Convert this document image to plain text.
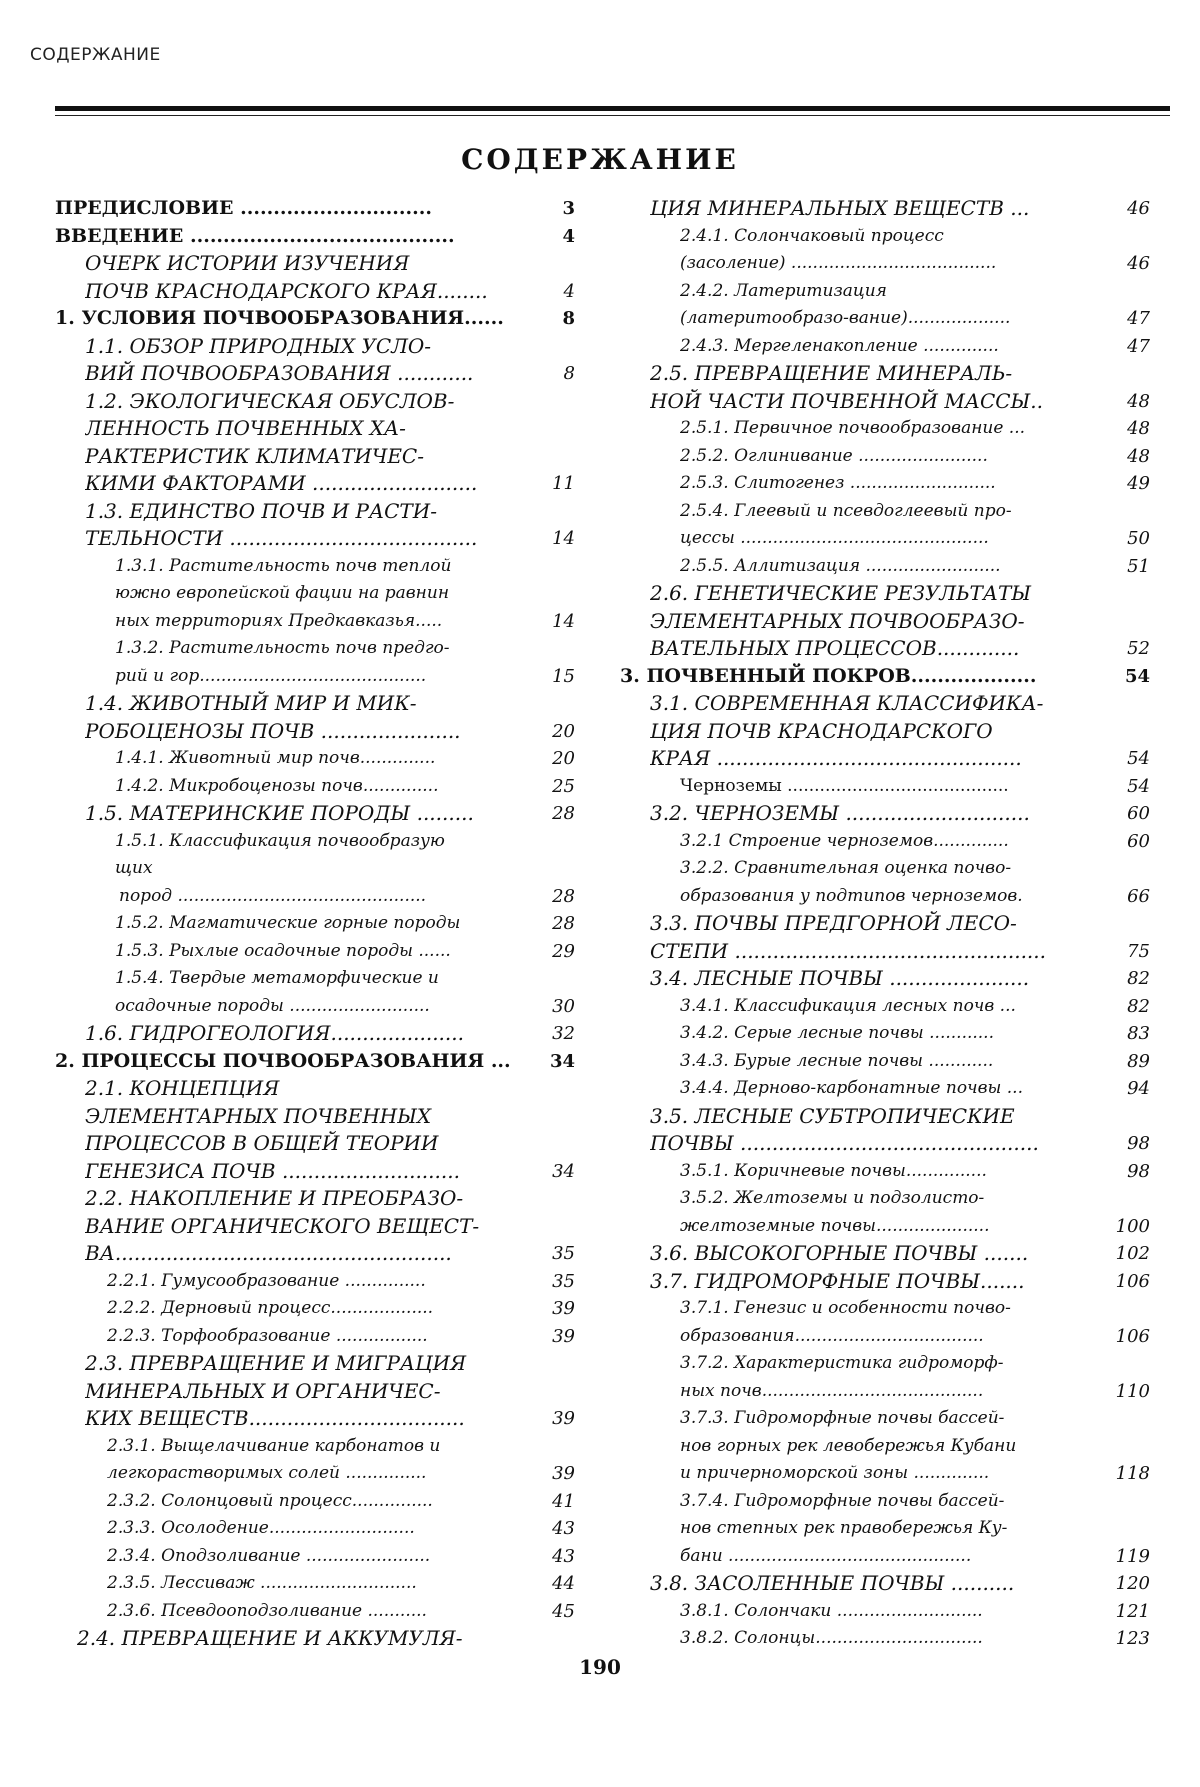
СОДЕРЖАНИЕ
СОДЕРЖАНИЕ
ПРЕДИСЛОВИЕ .............................	3
ВВЕДЕНИЕ ........................................	4
ОЧЕРК ИСТОРИИ ИЗУЧЕНИЯ
ПОЧВ КРАСНОДАРСКОГО КРАЯ........	4
1. УСЛОВИЯ ПОЧВООБРАЗОВАНИЯ......	8
1.1. ОБЗОР ПРИРОДНЫХ УСЛО-
ВИЙ ПОЧВООБРАЗОВАНИЯ ............	8
1.2. ЭКОЛОГИЧЕСКАЯ ОБУСЛОВ-
ЛЕННОСТЬ ПОЧВЕННЫХ ХА-
РАКТЕРИСТИК КЛИМАТИЧЕС-
КИМИ ФАКТОРАМИ ..........................	11
1.3. ЕДИНСТВО ПОЧВ И РАСТИ-
ТЕЛЬНОСТИ .......................................	14
1.3.1. Растительность почв теплой
южно европейской фации на равнин
ных территориях Предкавказья.....	14
1.3.2. Растительность почв предго-
рий и гор..........................................	15
1.4. ЖИВОТНЫЙ МИР И МИК-
РОБОЦЕНОЗЫ ПОЧВ ......................	20
1.4.1. Животный мир почв..............	20
1.4.2. Микробоценозы почв..............	25
1.5. МАТЕРИНСКИЕ ПОРОДЫ .........	28
1.5.1. Классификация почвообразую
щих
пород ..............................................	28
1.5.2. Магматические горные породы	28
1.5.3. Рыхлые осадочные породы ......	29
1.5.4. Твердые метаморфические и
осадочные породы ..........................	30
1.6. ГИДРОГЕОЛОГИЯ.....................	32
2. ПРОЦЕССЫ ПОЧВООБРАЗОВАНИЯ ...	34
2.1. КОНЦЕПЦИЯ
ЭЛЕМЕНТАРНЫХ ПОЧВЕННЫХ
ПРОЦЕССОВ В ОБЩЕЙ ТЕОРИИ
ГЕНЕЗИСА ПОЧВ ............................	34
2.2. НАКОПЛЕНИЕ И ПРЕОБРАЗО-
ВАНИЕ ОРГАНИЧЕСКОГО ВЕЩЕСТ-
ВА.....................................................	35
2.2.1. Гумусообразование ...............	35
2.2.2. Дерновый процесс...................	39
2.2.3. Торфообразование .................	39
2.3. ПРЕВРАЩЕНИЕ И МИГРАЦИЯ
МИНЕРАЛЬНЫХ И ОРГАНИЧЕС-
КИХ ВЕЩЕСТВ..................................	39
2.3.1. Выщелачивание карбонатов и
легкорастворимых солей ...............	39
2.3.2. Солонцовый процесс...............	41
2.3.3. Осолодение...........................	43
2.3.4. Оподзоливание .......................	43
2.3.5. Лессиваж .............................	44
2.3.6. Псевдооподзоливание ...........	45
2.4. ПРЕВРАЩЕНИЕ И АККУМУЛЯ-
ЦИЯ МИНЕРАЛЬНЫХ ВЕЩЕСТВ ...	46
2.4.1. Солончаковый процесс
(засоление) ......................................	46
2.4.2. Латеритизация
(латеритообразо-вание)...................	47
2.4.3. Мергеленакопление ..............	47
2.5. ПРЕВРАЩЕНИЕ МИНЕРАЛЬ-
НОЙ ЧАСТИ ПОЧВЕННОЙ МАССЫ..	48
2.5.1. Первичное почвообразование ...	48
2.5.2. Оглинивание ........................	48
2.5.3. Слитогенез ...........................	49
2.5.4. Глеевый и псевдоглеевый про-
цессы ..............................................	50
2.5.5. Аллитизация .........................	51
2.6. ГЕНЕТИЧЕСКИЕ РЕЗУЛЬТАТЫ
ЭЛЕМЕНТАРНЫХ ПОЧВООБРАЗО-
ВАТЕЛЬНЫХ ПРОЦЕССОВ.............	52
3. ПОЧВЕННЫЙ ПОКРОВ...................	54
3.1. СОВРЕМЕННАЯ КЛАССИФИКА-
ЦИЯ ПОЧВ КРАСНОДАРСКОГО
КРАЯ ................................................	54
Черноземы .........................................	54
3.2. ЧЕРНОЗЕМЫ .............................	60
3.2.1 Строение черноземов..............	60
3.2.2. Сравнительная оценка почво-
образования у подтипов черноземов.	66
3.3. ПОЧВЫ ПРЕДГОРНОЙ ЛЕСО-
СТЕПИ .................................................	75
3.4. ЛЕСНЫЕ ПОЧВЫ ......................	82
3.4.1. Классификация лесных почв ...	82
3.4.2. Серые лесные почвы ............	83
3.4.3. Бурые лесные почвы ............	89
3.4.4. Дерново-карбонатные почвы ...	94
3.5. ЛЕСНЫЕ СУБТРОПИЧЕСКИЕ
ПОЧВЫ ...............................................	98
3.5.1. Коричневые почвы...............	98
3.5.2. Желтоземы и подзолисто-
желтоземные почвы.....................	100
3.6. ВЫСОКОГОРНЫЕ ПОЧВЫ .......	102
3.7. ГИДРОМОРФНЫЕ ПОЧВЫ.......	106
3.7.1. Генезис и особенности почво-
образования...................................	106
3.7.2. Характеристика гидроморф-
ных почв.........................................	110
3.7.3. Гидроморфные почвы бассей-
нов горных рек левобережья Кубани
и причерноморской зоны ..............	118
3.7.4. Гидроморфные почвы бассей-
нов степных рек правобережья Ку-
бани .............................................	119
3.8. ЗАСОЛЕННЫЕ ПОЧВЫ ..........	120
3.8.1. Солончаки ...........................	121
3.8.2. Солонцы...............................	123
190
